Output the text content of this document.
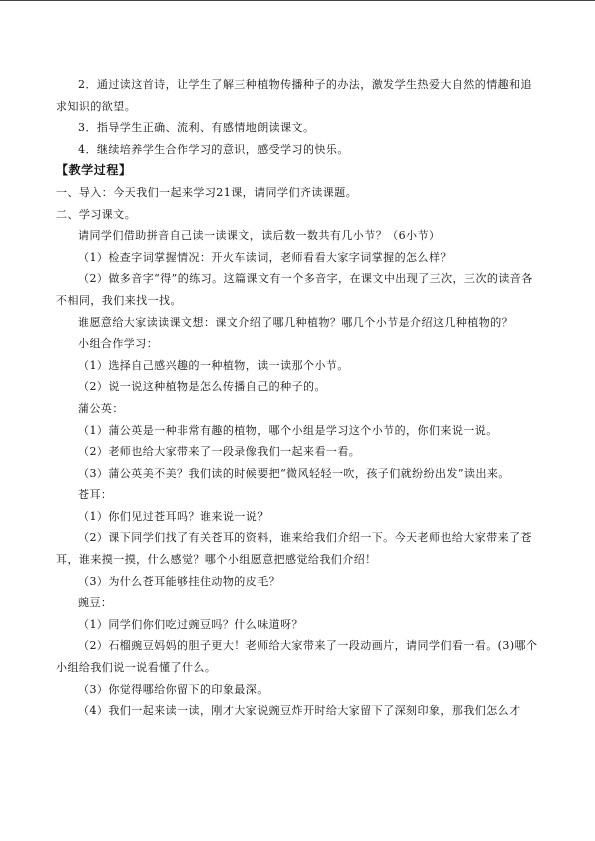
2．通过读这首诗，让学生了解三种植物传播种子的办法，激发学生热爱大自然的情趣和追求知识的欲望。

3．指导学生正确、流利、有感情地朗读课文。

4．继续培养学生合作学习的意识，感受学习的快乐。

【教学过程】

一、导入：今天我们一起来学习21课，请同学们齐读课题。

二、学习课文。

请同学们借助拼音自己读一读课文，读后数一数共有几小节？（6小节）

（1）检查字词掌握情况：开火车读词，老师看看大家字词掌握的怎么样？

（2）做多音字“得”的练习。这篇课文有一个多音字，在课文中出现了三次，三次的读音各不相同，我们来找一找。

谁愿意给大家读读课文想：课文介绍了哪几种植物？哪几个小节是介绍这几种植物的？

小组合作学习：

（1）选择自己感兴趣的一种植物，读一读那个小节。

（2）说一说这种植物是怎么传播自己的种子的。

蒲公英：

（1）蒲公英是一种非常有趣的植物，哪个小组是学习这个小节的，你们来说一说。

（2）老师也给大家带来了一段录像我们一起来看一看。

（3）蒲公英美不美？我们读的时候要把“微风轻轻一吹，孩子们就纷纷出发”读出来。

苍耳：

（1）你们见过苍耳吗？谁来说一说？

（2）课下同学们找了有关苍耳的资料，谁来给我们介绍一下。今天老师也给大家带来了苍耳，谁来摸一摸，什么感觉？哪个小组愿意把感觉给我们介绍！

（3）为什么苍耳能够挂住动物的皮毛？

豌豆：

（1）同学们你们吃过豌豆吗？什么味道呀？

（2）石榴豌豆妈妈的胆子更大！老师给大家带来了一段动画片，请同学们看一看。(3)哪个小组给我们说一说看懂了什么。

（3）你觉得哪给你留下的印象最深。

（4）我们一起来读一读，刚才大家说豌豆炸开时给大家留下了深刻印象，那我们怎么才
